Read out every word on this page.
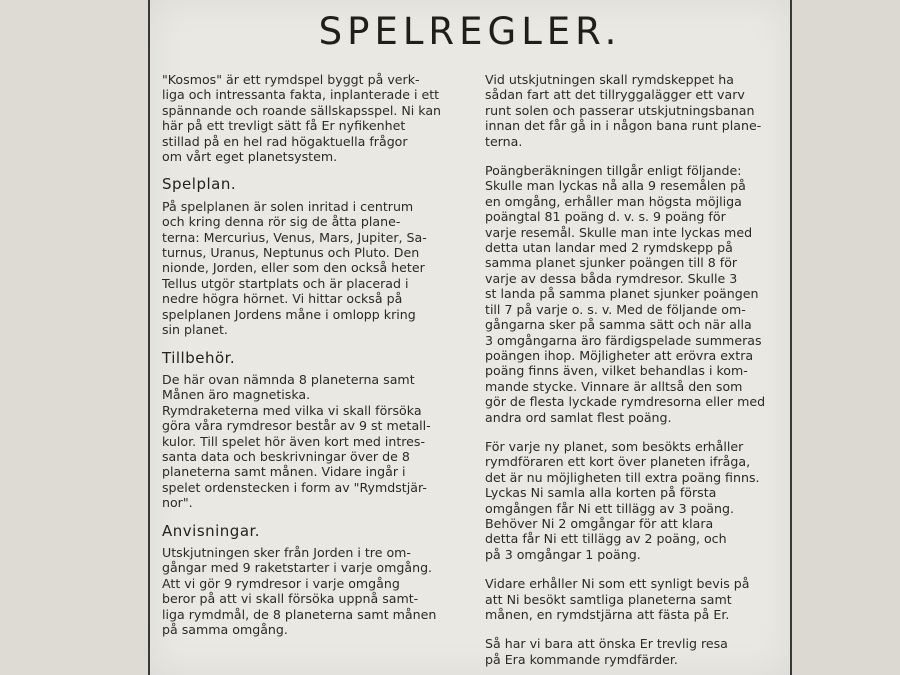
SPELREGLER.

"Kosmos" är ett rymdspel byggt på verk-
liga och intressanta fakta, inplanterade i ett
spännande och roande sällskapsspel. Ni kan
här på ett trevligt sätt få Er nyfikenhet
stillad på en hel rad högaktuella frågor
om vårt eget planetsystem.

Spelplan.

På spelplanen är solen inritad i centrum
och kring denna rör sig de åtta plane-
terna: Mercurius, Venus, Mars, Jupiter, Sa-
turnus, Uranus, Neptunus och Pluto. Den
nionde, Jorden, eller som den också heter
Tellus utgör startplats och är placerad i
nedre högra hörnet. Vi hittar också på
spelplanen Jordens måne i omlopp kring
sin planet.

Tillbehör.

De här ovan nämnda 8 planeterna samt
Månen äro magnetiska.
Rymdraketerna med vilka vi skall försöka
göra våra rymdresor består av 9 st metall-
kulor. Till spelet hör även kort med intres-
santa data och beskrivningar över de 8
planeterna samt månen. Vidare ingår i
spelet ordenstecken i form av "Rymdstjär-
nor".

Anvisningar.

Utskjutningen sker från Jorden i tre om-
gångar med 9 raketstarter i varje omgång.
Att vi gör 9 rymdresor i varje omgång
beror på att vi skall försöka uppnå samt-
liga rymdmål, de 8 planeterna samt månen
på samma omgång.

Vid utskjutningen skall rymdskeppet ha
sådan fart att det tillryggalägger ett varv
runt solen och passerar utskjutningsbanan
innan det får gå in i någon bana runt plane-
terna.

Poängberäkningen tillgår enligt följande:
Skulle man lyckas nå alla 9 resemålen på
en omgång, erhåller man högsta möjliga
poängtal 81 poäng d. v. s. 9 poäng för
varje resemål. Skulle man inte lyckas med
detta utan landar med 2 rymdskepp på
samma planet sjunker poängen till 8 för
varje av dessa båda rymdresor. Skulle 3
st landa på samma planet sjunker poängen
till 7 på varje o. s. v. Med de följande om-
gångarna sker på samma sätt och när alla
3 omgångarna äro färdigspelade summeras
poängen ihop. Möjligheter att erövra extra
poäng finns även, vilket behandlas i kom-
mande stycke. Vinnare är alltså den som
gör de flesta lyckade rymdresorna eller med
andra ord samlat flest poäng.

För varje ny planet, som besökts erhåller
rymdföraren ett kort över planeten ifråga,
det är nu möjligheten till extra poäng finns.
Lyckas Ni samla alla korten på första
omgången får Ni ett tillägg av 3 poäng.
Behöver Ni 2 omgångar för att klara
detta får Ni ett tillägg av 2 poäng, och
på 3 omgångar 1 poäng.

Vidare erhåller Ni som ett synligt bevis på
att Ni besökt samtliga planeterna samt
månen, en rymdstjärna att fästa på Er.

Så har vi bara att önska Er trevlig resa
på Era kommande rymdfärder.
